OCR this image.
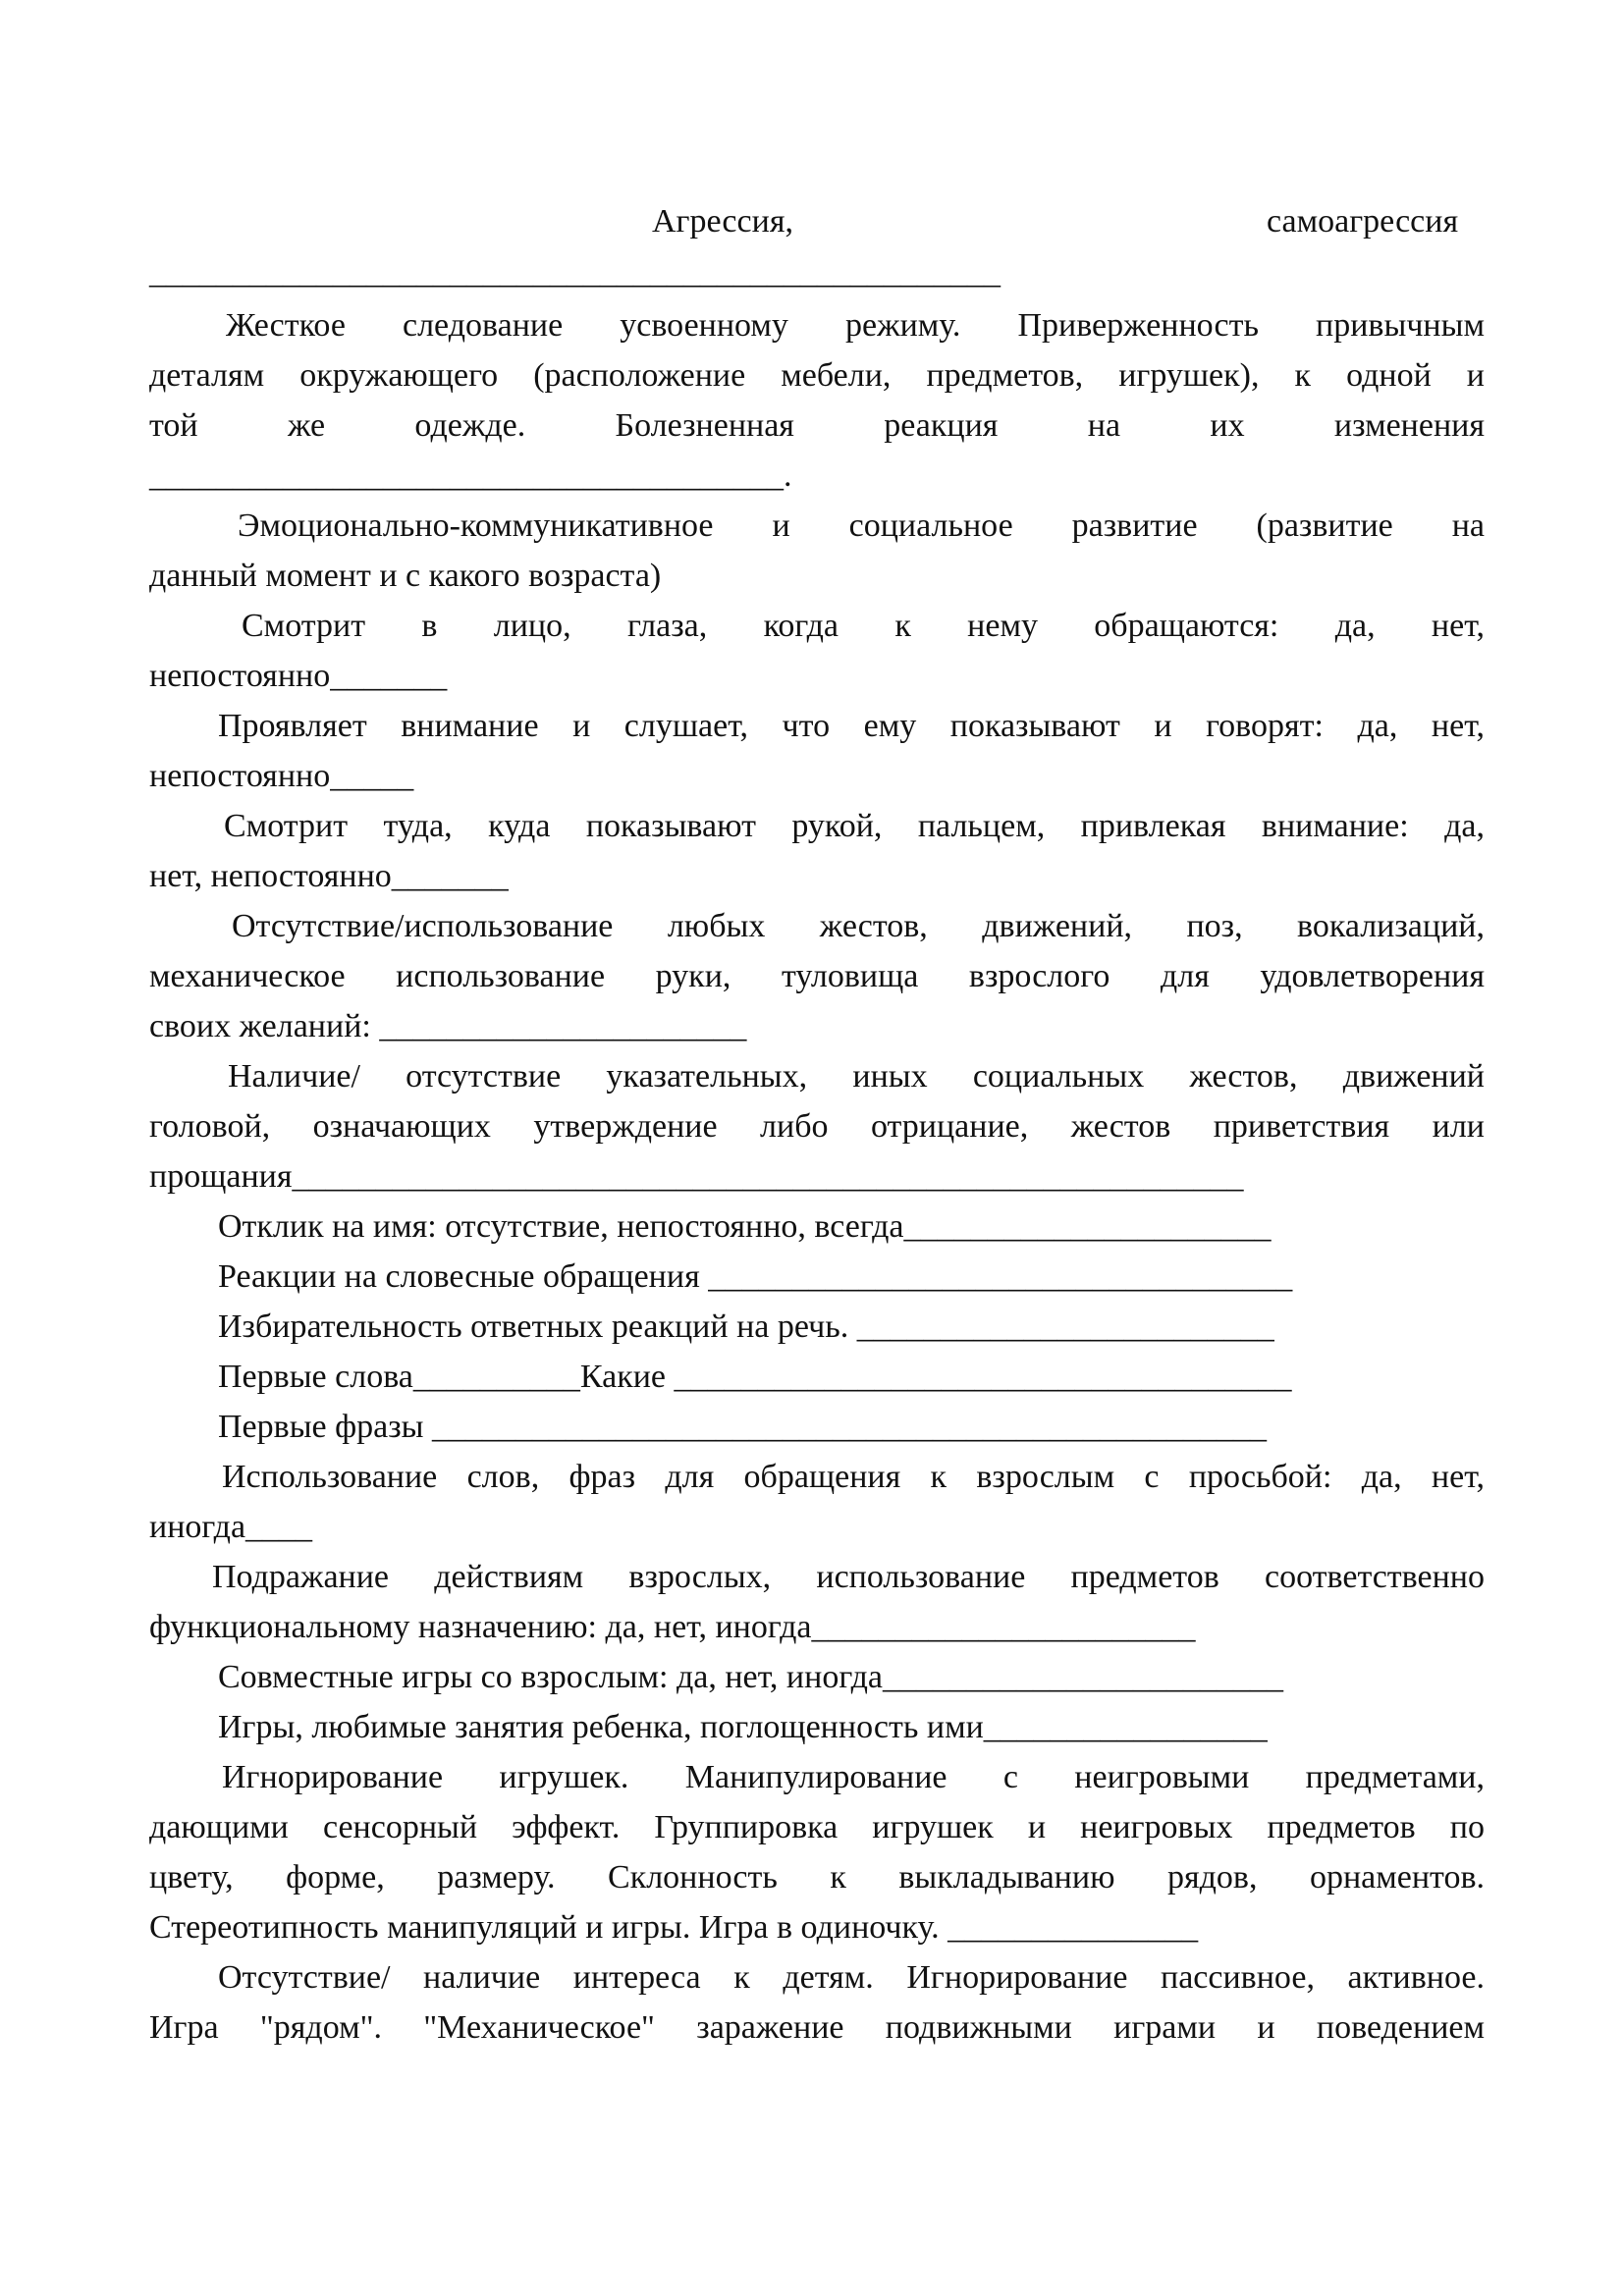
Агрессия,	самоагрессия
___________________________________________________
Жесткое следование усвоенному режиму. Приверженность привычным
деталям окружающего (расположение мебели, предметов, игрушек), к одной и
той же одежде. Болезненная реакция на их изменения
______________________________________.
Эмоционально-коммуникативное и социальное развитие (развитие на
данный момент и с какого возраста)
Смотрит в лицо, глаза, когда к нему обращаются: да, нет,
непостоянно_______
Проявляет внимание и слушает, что ему показывают и говорят: да, нет,
непостоянно_____
Смотрит туда, куда показывают рукой, пальцем, привлекая внимание: да,
нет, непостоянно_______
Отсутствие/использование любых жестов, движений, поз, вокализаций,
механическое использование руки, туловища взрослого для удовлетворения
своих желаний: ______________________
Наличие/ отсутствие указательных, иных социальных жестов, движений
головой, означающих утверждение либо отрицание, жестов приветствия или
прощания_________________________________________________________
Отклик на имя: отсутствие, непостоянно, всегда______________________
Реакции на словесные обращения ___________________________________
Избирательность ответных реакций на речь. _________________________
Первые слова__________Какие _____________________________________
Первые фразы __________________________________________________
Использование слов, фраз для обращения к взрослым с просьбой: да, нет,
иногда____
Подражание действиям взрослых, использование предметов соответственно
функциональному назначению: да, нет, иногда_______________________
Совместные игры со взрослым: да, нет, иногда________________________
Игры, любимые занятия ребенка, поглощенность ими_________________
Игнорирование игрушек. Манипулирование с неигровыми предметами,
дающими сенсорный эффект. Группировка игрушек и неигровых предметов по
цвету, форме, размеру. Склонность к выкладыванию рядов, орнаментов.
Стереотипность манипуляций и игры. Игра в одиночку. _______________
Отсутствие/ наличие интереса к детям. Игнорирование пассивное, активное.
Игра "рядом". "Механическое" заражение подвижными играми и поведением
